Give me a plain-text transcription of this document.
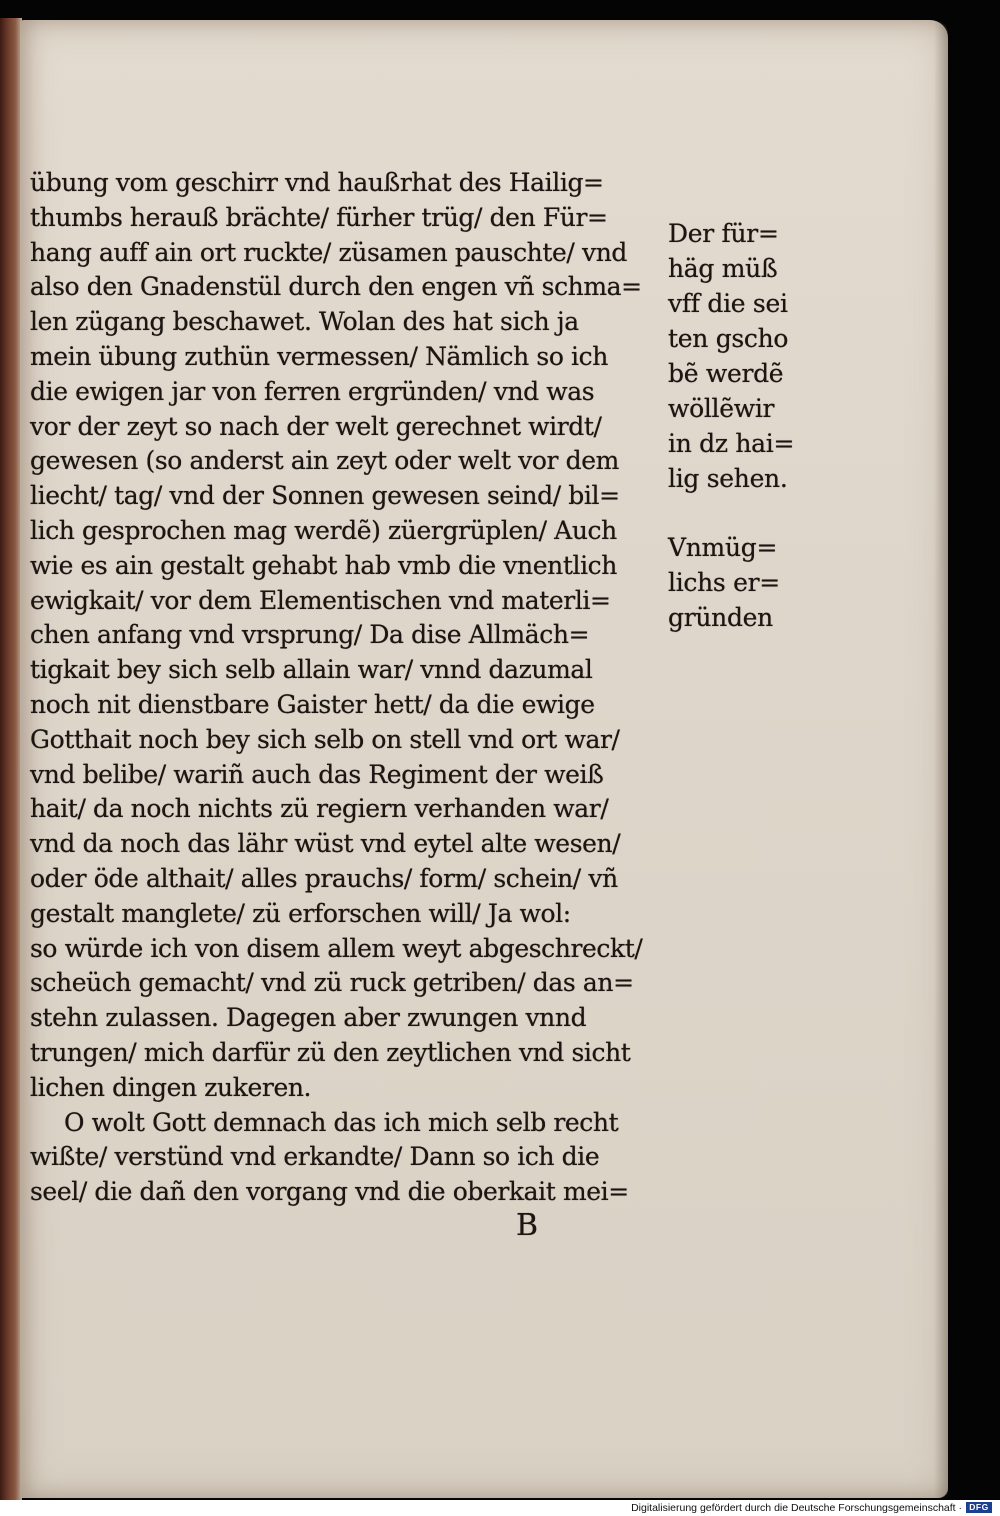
übung vom geschirr vnd haußrhat des Hailig=
thumbs herauß brächte/ fürher trüg/ den Für=
hang auff ain ort ruckte/ züsamen pauschte/ vnd
also den Gnadenstül durch den engen vñ schma=
len zügang beschawet. Wolan des hat sich ja
mein übung zuthün vermessen/ Nämlich so ich
die ewigen jar von ferren ergründen/ vnd was
vor der zeyt so nach der welt gerechnet wirdt/
gewesen (so anderst ain zeyt oder welt vor dem
liecht/ tag/ vnd der Sonnen gewesen seind/ bil=
lich gesprochen mag werdẽ) züergrüplen/ Auch
wie es ain gestalt gehabt hab vmb die vnentlich
ewigkait/ vor dem Elementischen vnd materli=
chen anfang vnd vrsprung/ Da dise Allmäch=
tigkait bey sich selb allain war/ vnnd dazumal
noch nit dienstbare Gaister hett/ da die ewige
Gotthait noch bey sich selb on stell vnd ort war/
vnd belibe/ wariñ auch das Regiment der weiß
hait/ da noch nichts zü regiern verhanden war/
vnd da noch das lähr wüst vnd eytel alte wesen/
oder öde althait/ alles prauchs/ form/ schein/ vñ
gestalt manglete/ zü erforschen will/ Ja wol:
so würde ich von disem allem weyt abgeschreckt/
scheüch gemacht/ vnd zü ruck getriben/ das an=
stehn zulassen. Dagegen aber zwungen vnnd
trungen/ mich darfür zü den zeytlichen vnd sicht
lichen dingen zukeren.
O wolt Gott demnach das ich mich selb recht
wißte/ verstünd vnd erkandte/ Dann so ich die
seel/ die dañ den vorgang vnd die oberkait mei=
Der für=
häg müß
vff die sei
ten gscho
bẽ werdẽ
wöllẽwir
in dz hai=
lig sehen.
Vnmüg=
lichs er=
gründen
B
Digitalisierung gefördert durch die Deutsche Forschungsgemeinschaft · DFG
